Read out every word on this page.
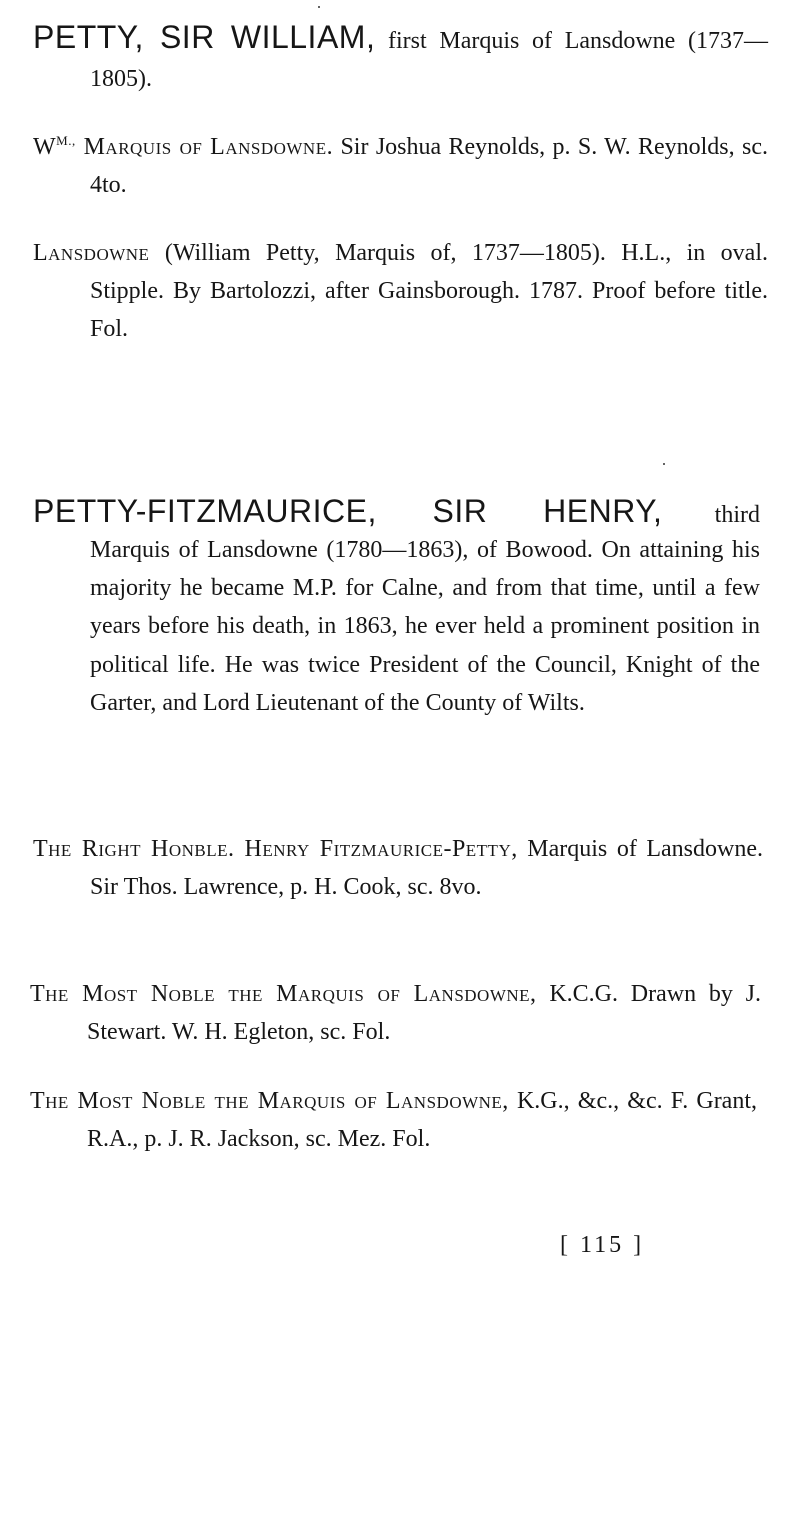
PETTY, SIR WILLIAM, first Marquis of Lansdowne (1737—1805).

$W^{M.,}$ Marquis of Lansdowne. Sir Joshua Reynolds, p. S. W. Reynolds, sc. 4to.

Lansdowne (William Petty, Marquis of, 1737—1805). H.L., in oval. Stipple. By Bartolozzi, after Gainsborough. 1787. Proof before title. Fol.

PETTY-FITZMAURICE, SIR HENRY, third

Marquis of Lansdowne (1780—1863), of Bowood. On attaining his majority he became M.P. for Calne, and from that time, until a few years before his death, in 1863, he ever held a prominent position in political life. He was twice President of the Council, Knight of the Garter, and Lord Lieutenant of the County of Wilts.

The Right Honble. Henry Fitzmaurice-Petty, Marquis of Lansdowne. Sir Thos. Lawrence, p. H. Cook, sc. 8vo.

The Most Noble the Marquis of Lansdowne, K.C.G. Drawn by J. Stewart. W. H. Egleton, sc. Fol.

The Most Noble the Marquis of Lansdowne, K.G., &c., &c. F. Grant, R.A., p. J. R. Jackson, sc. Mez. Fol.

[ 115 ]
